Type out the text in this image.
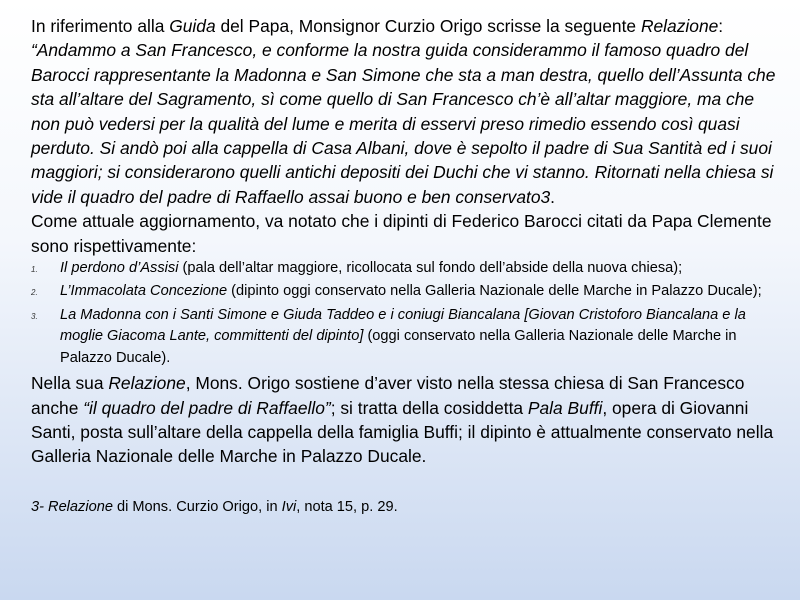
In riferimento alla Guida del Papa, Monsignor Curzio Origo scrisse la seguente Relazione:
“Andammo a San Francesco, e conforme la nostra guida considerammo il famoso quadro del Barocci rappresentante la Madonna e San Simone che sta a man destra, quello dell’Assunta che sta all’altare del Sagramento, sì come quello di San Francesco ch’è all’altar maggiore, ma che non può vedersi per la qualità del lume e merita di esservi preso rimedio essendo così quasi perduto. Si andò poi alla cappella di Casa Albani, dove è sepolto il padre di Sua Santità ed i suoi maggiori; si considerarono quelli antichi depositi dei Duchi che vi stanno. Ritornati nella chiesa si vide il quadro del padre di Raffaello assai buono e ben conservato3.

Come attuale aggiornamento, va notato che i dipinti di Federico Barocci citati da Papa Clemente sono rispettivamente:

1. Il perdono d’Assisi (pala dell’altar maggiore, ricollocata sul fondo dell’abside della nuova chiesa);
2. L’Immacolata Concezione (dipinto oggi conservato nella Galleria Nazionale delle Marche in Palazzo Ducale);
3. La Madonna con i Santi Simone e Giuda Taddeo e i coniugi Biancalana [Giovan Cristoforo Biancalana e la moglie Giacoma Lante, committenti del dipinto] (oggi conservato nella Galleria Nazionale delle Marche in Palazzo Ducale).

Nella sua Relazione, Mons. Origo sostiene d’aver visto nella stessa chiesa di San Francesco anche “il quadro del padre di Raffaello”; si tratta della cosiddetta Pala Buffi, opera di Giovanni Santi, posta sull’altare della cappella della famiglia Buffi; il dipinto è attualmente conservato nella Galleria Nazionale delle Marche in Palazzo Ducale.

3- Relazione di Mons. Curzio Origo, in Ivi, nota 15, p. 29.
